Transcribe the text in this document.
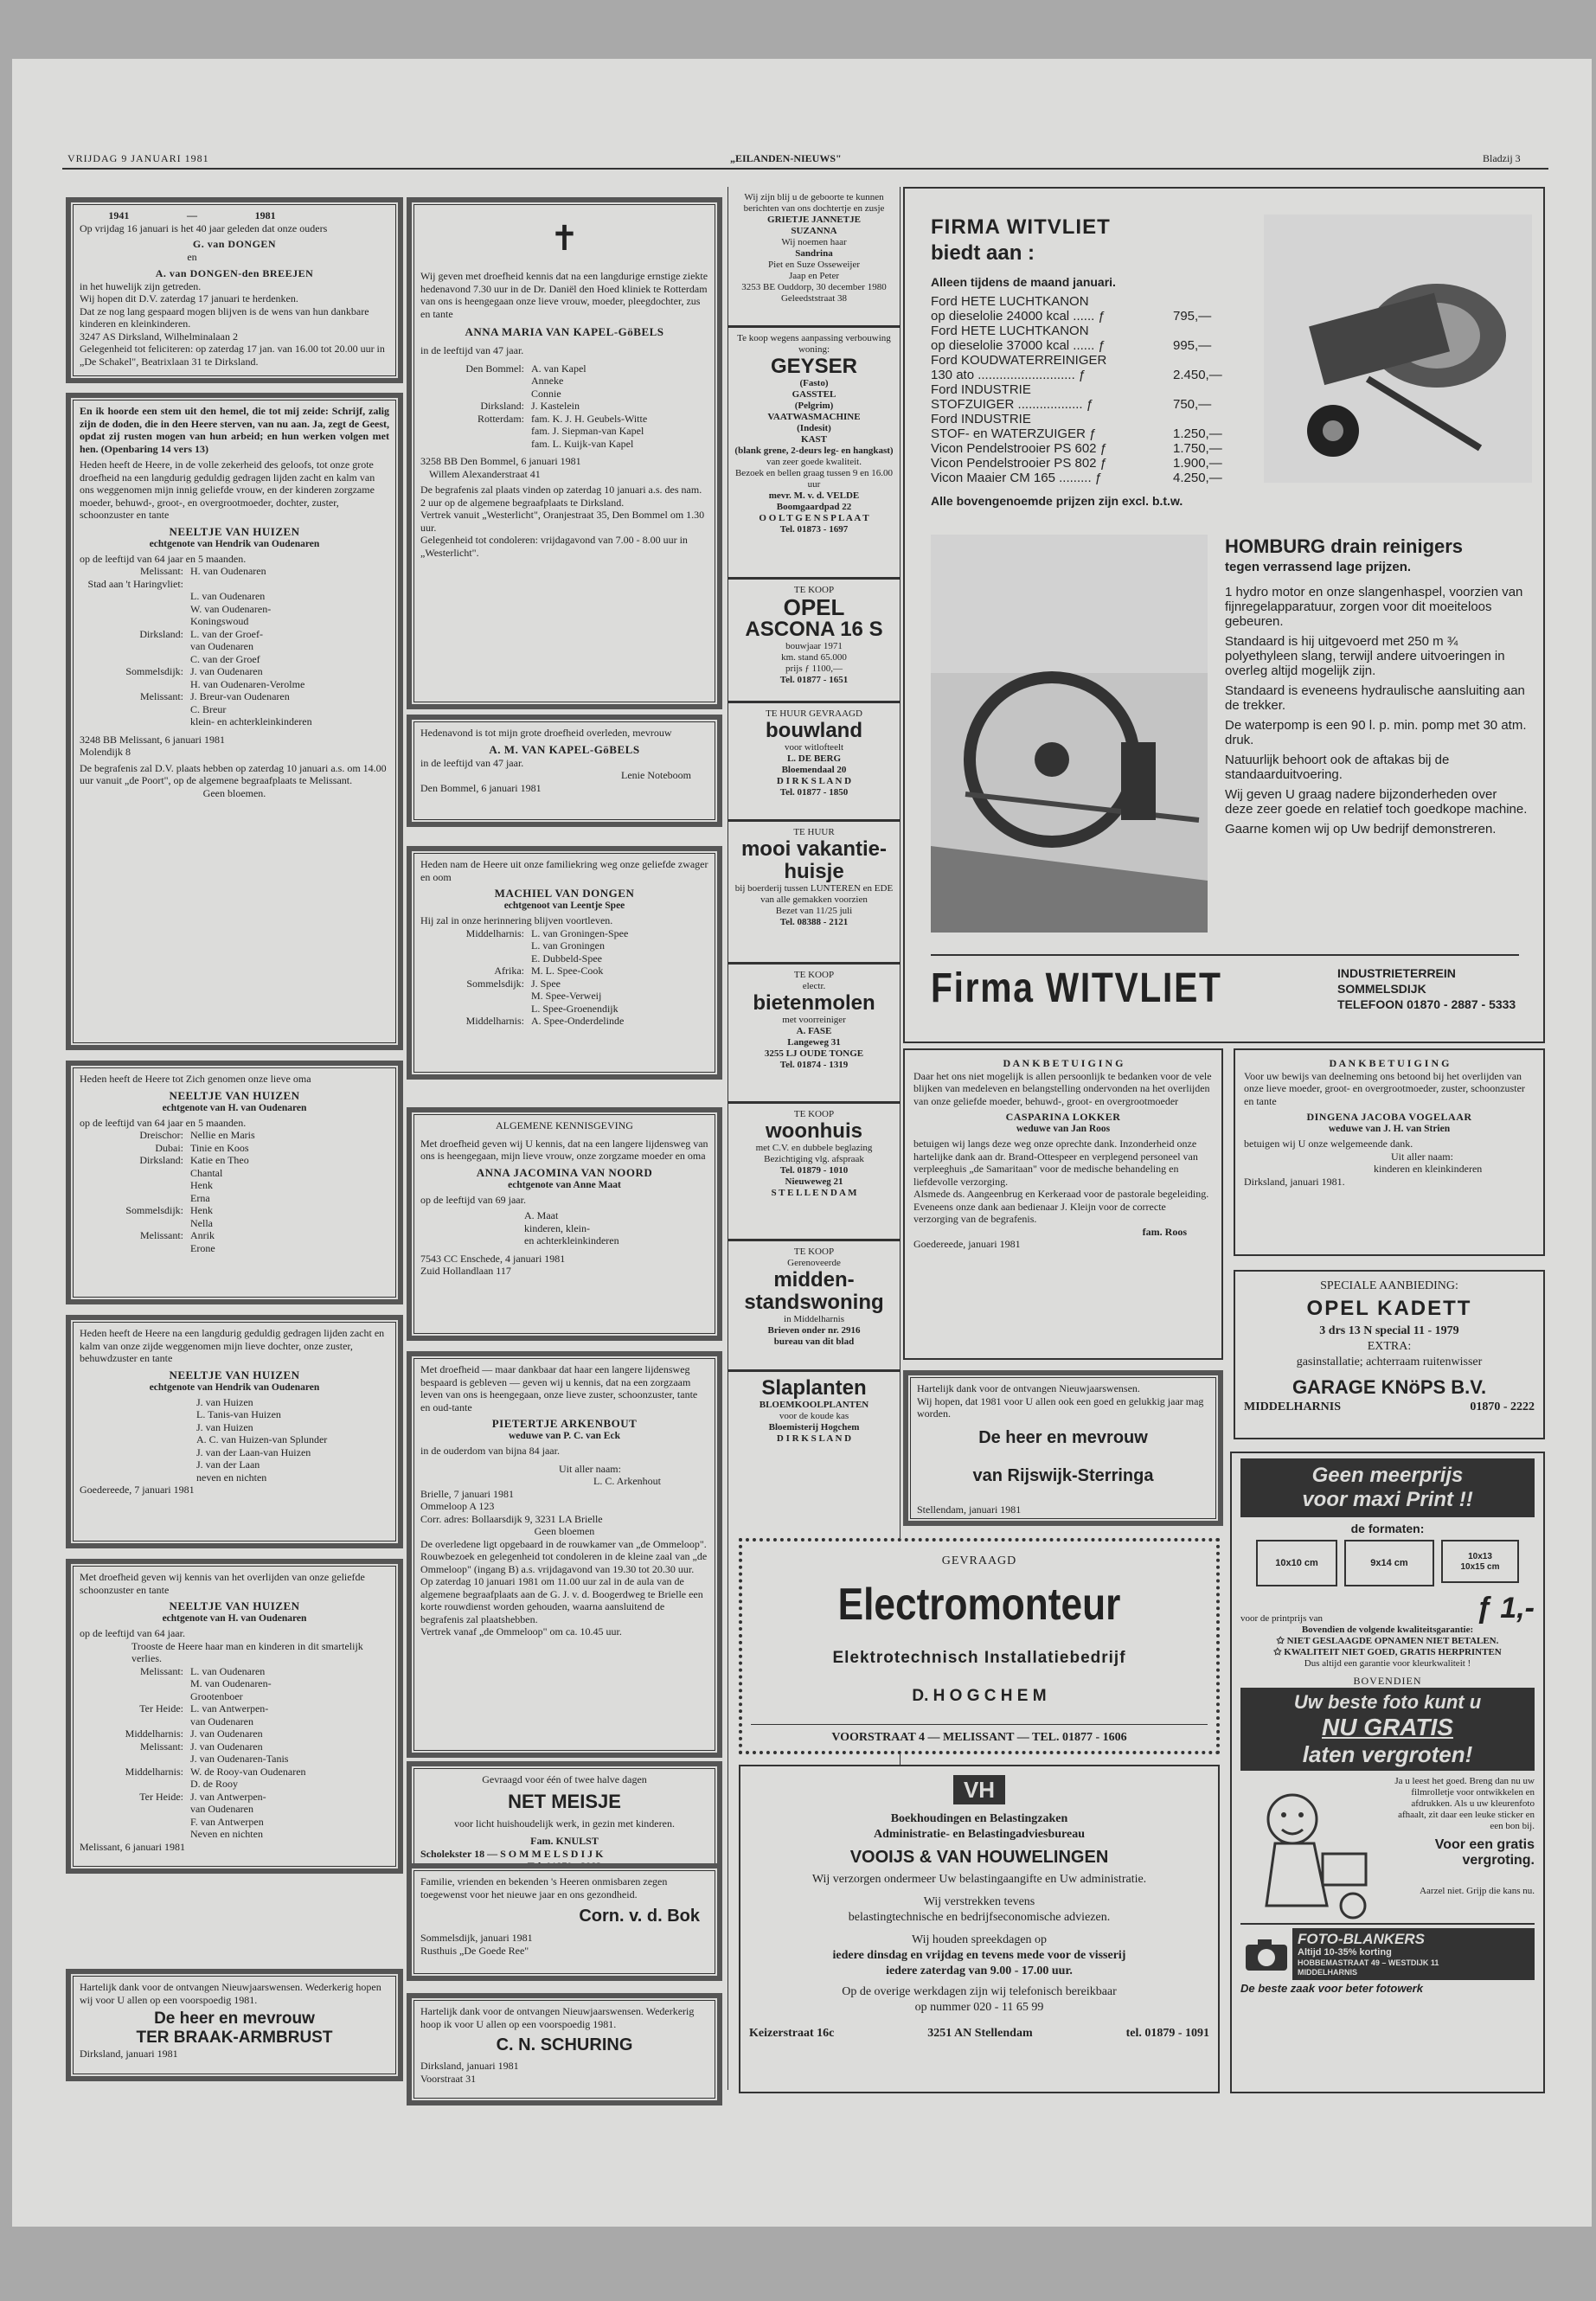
VRIJDAG 9 JANUARI 1981	„EILANDEN-NIEUWS"	Bladzij 3
1941	—	1981

Op vrijdag 16 januari is het 40 jaar geleden dat onze ouders

G. van DONGEN

en

A. van DONGEN-den BREEJEN

in het huwelijk zijn getreden.

Wij hopen dit D.V. zaterdag 17 januari te herdenken.

Dat ze nog lang gespaard mogen blijven is de wens van hun dankbare kinderen en kleinkinderen.

3247 AS Dirksland, Wilhelminalaan 2

Gelegenheid tot feliciteren: op zaterdag 17 jan. van 16.00 tot 20.00 uur in „De Schakel", Beatrixlaan 31 te Dirksland.

En ik hoorde een stem uit den hemel, die tot mij zeide: Schrijf, zalig zijn de doden, die in den Heere sterven, van nu aan. Ja, zegt de Geest, opdat zij rusten mogen van hun arbeid; en hun werken volgen met hen. (Openbaring 14 vers 13)

Heden heeft de Heere, in de volle zekerheid des geloofs, tot onze grote droefheid na een langdurig geduldig gedragen lijden zacht en kalm van ons weggenomen mijn innig geliefde vrouw, en der kinderen zorgzame moeder, behuwd-, groot-, en overgrootmoeder, dochter, zuster, schoonzuster en tante

NEELTJE VAN HUIZEN

echtgenote van Hendrik van Oudenaren

op de leeftijd van 64 jaar en 5 maanden.

Melissant: H. van Oudenaren
Stad aan 't Haringvliet:
L. van Oudenaren
W. van Oudenaren-
Koningswoud
Dirksland: L. van der Groef-
van Oudenaren
C. van der Groef
Sommelsdijk: J. van Oudenaren
H. van Oudenaren-Verolme
Melissant: J. Breur-van Oudenaren
C. Breur
klein- en achterkleinkinderen

3248 BB Melissant, 6 januari 1981

Molendijk 8

De begrafenis zal D.V. plaats hebben op zaterdag 10 januari a.s. om 14.00 uur vanuit „de Poort", op de algemene begraafplaats te Melissant.

Geen bloemen.

Heden heeft de Heere tot Zich genomen onze lieve oma

NEELTJE VAN HUIZEN

echtgenote van H. van Oudenaren

op de leeftijd van 64 jaar en 5 maanden.

Dreischor: Nellie en Maris
Dubai: Tinie en Koos
Dirksland: Katie en Theo
Chantal
Henk
Erna
Sommelsdijk: Henk
Nella
Melissant: Anrik
Erone

Heden heeft de Heere na een langdurig geduldig gedragen lijden zacht en kalm van onze zijde weggenomen mijn lieve dochter, onze zuster, behuwdzuster en tante

NEELTJE VAN HUIZEN

echtgenote van Hendrik van Oudenaren

J. van Huizen
L. Tanis-van Huizen
J. van Huizen
A. C. van Huizen-van Splunder
J. van der Laan-van Huizen
J. van der Laan
neven en nichten

Goedereede, 7 januari 1981

Met droefheid geven wij kennis van het overlijden van onze geliefde schoonzuster en tante

NEELTJE VAN HUIZEN

echtgenote van H. van Oudenaren

op de leeftijd van 64 jaar.

Trooste de Heere haar man en kinderen in dit smartelijk verlies.

Melissant: L. van Oudenaren
M. van Oudenaren-
Grootenboer
Ter Heide: L. van Antwerpen-
van Oudenaren
Middelharnis: J. van Oudenaren
Melissant: J. van Oudenaren
J. van Oudenaren-Tanis
Middelharnis: W. de Rooy-van Oudenaren
D. de Rooy
Ter Heide: J. van Antwerpen-
van Oudenaren
F. van Antwerpen
Neven en nichten

Melissant, 6 januari 1981

Hartelijk dank voor de ontvangen Nieuwjaarswensen. Wederkerig hopen wij voor U allen op een voorspoedig 1981.

De heer en mevrouw

TER BRAAK-ARMBRUST

Dirksland, januari 1981

✝

Wij geven met droefheid kennis dat na een langdurige ernstige ziekte hedenavond 7.30 uur in de Dr. Daniël den Hoed kliniek te Rotterdam van ons is heengegaan onze lieve vrouw, moeder, pleegdochter, zus en tante

ANNA MARIA VAN KAPEL-GöBELS

in de leeftijd van 47 jaar.

Den Bommel: A. van Kapel
Anneke
Connie
Dirksland: J. Kastelein
Rotterdam: fam. K. J. H. Geubels-Witte
fam. J. Siepman-van Kapel
fam. L. Kuijk-van Kapel

3258 BB Den Bommel, 6 januari 1981

Willem Alexanderstraat 41

De begrafenis zal plaats vinden op zaterdag 10 januari a.s. des nam. 2 uur op de algemene begraafplaats te Dirksland.

Vertrek vanuit „Westerlicht", Oranjestraat 35, Den Bommel om 1.30 uur.

Gelegenheid tot condoleren: vrijdagavond van 7.00 - 8.00 uur in „Westerlicht".

Hedenavond is tot mijn grote droefheid overleden, mevrouw

A. M. VAN KAPEL-GöBELS

in de leeftijd van 47 jaar.

Lenie Noteboom

Den Bommel, 6 januari 1981

Heden nam de Heere uit onze familiekring weg onze geliefde zwager en oom

MACHIEL VAN DONGEN

echtgenoot van Leentje Spee

Hij zal in onze herinnering blijven voortleven.

Middelharnis: L. van Groningen-Spee
L. van Groningen
E. Dubbeld-Spee
Afrika: M. L. Spee-Cook
Sommelsdijk: J. Spee
M. Spee-Verweij
L. Spee-Groenendijk
Middelharnis: A. Spee-Onderdelinde

ALGEMENE KENNISGEVING

Met droefheid geven wij U kennis, dat na een langere lijdensweg van ons is heengegaan, mijn lieve vrouw, onze zorgzame moeder en oma

ANNA JACOMINA VAN NOORD

echtgenote van Anne Maat

op de leeftijd van 69 jaar.

A. Maat
kinderen, klein-
en achterkleinkinderen

7543 CC Enschede, 4 januari 1981

Zuid Hollandlaan 117

Met droefheid — maar dankbaar dat haar een langere lijdensweg bespaard is gebleven — geven wij u kennis, dat na een zorgzaam leven van ons is heengegaan, onze lieve zuster, schoonzuster, tante en oud-tante

PIETERTJE ARKENBOUT

weduwe van P. C. van Eck

in de ouderdom van bijna 84 jaar.

Uit aller naam:

L. C. Arkenhout

Brielle, 7 januari 1981

Ommeloop A 123

Corr. adres: Bollaarsdijk 9, 3231 LA Brielle

Geen bloemen

De overledene ligt opgebaard in de rouwkamer van „de Ommeloop".

Rouwbezoek en gelegenheid tot condoleren in de kleine zaal van „de Ommeloop" (ingang B) a.s. vrijdagavond van 19.30 tot 20.30 uur.

Op zaterdag 10 januari 1981 om 11.00 uur zal in de aula van de algemene begraafplaats aan de G. J. v. d. Boogerdweg te Brielle een korte rouwdienst worden gehouden, waarna aansluitend de begrafenis zal plaatshebben.

Vertrek vanaf „de Ommeloop" om ca. 10.45 uur.

Gevraagd voor één of twee halve dagen

NET MEISJE

voor licht huishoudelijk werk, in gezin met kinderen.

Fam. KNULST

Scholekster 18 — S O M M E L S D I J K

Familie, vrienden en bekenden 's Heeren onmisbaren zegen toegewenst voor het nieuwe jaar en ons gezondheid.

Corn. v. d. Bok

Sommelsdijk, januari 1981

Rusthuis „De Goede Ree"

Hartelijk dank voor de ontvangen Nieuwjaarswensen. Wederkerig hoop ik voor U allen op een voorspoedig 1981.

C. N. SCHURING

Dirksland, januari 1981

Voorstraat 31

Wij zijn blij u de geboorte te kunnen berichten van ons dochtertje en zusje
GRIETJE JANNETJE
SUZANNA
Wij noemen haar
Sandrina
Piet en Suze Osseweijer
Jaap en Peter
3253 BE Ouddorp, 30 december 1980
Geleedststraat 38
Te koop wegens aanpassing verbouwing woning:
GEYSER
(Fasto)
GASSTEL
(Pelgrim)
VAATWASMACHINE
(Indesit)
KAST
(blank grene, 2-deurs leg- en hangkast)
van zeer goede kwaliteit.
Bezoek en bellen graag tussen 9 en 16.00 uur
mevr. M. v. d. VELDE
Boomgaardpad 22
O O L T G E N S P L A A T
Tel. 01873 - 1697
TE KOOP
OPEL
ASCONA 16 S
bouwjaar 1971
km. stand 65.000
prijs ƒ 1100,—
Tel. 01877 - 1651
TE HUUR GEVRAAGD
bouwland
voor witlofteelt
L. DE BERG
Bloemendaal 20
D I R K S L A N D
Tel. 01877 - 1850
TE HUUR
mooi vakantie-
huisje
bij boerderij tussen LUNTEREN en EDE van alle gemakken voorzien
Bezet van 11/25 juli
Tel. 08388 - 2121
TE KOOP
electr.
bietenmolen
met voorreiniger
A. FASE
Langeweg 31
3255 LJ OUDE TONGE
Tel. 01874 - 1319
TE KOOP
woonhuis
met C.V. en dubbele beglazing
Bezichtiging vlg. afspraak
Tel. 01879 - 1010
Nieuweweg 21
S T E L L E N D A M
TE KOOP
Gerenoveerde
midden-
standswoning
in Middelharnis
Brieven onder nr. 2916
bureau van dit blad
Slaplanten
BLOEMKOOLPLANTEN
voor de koude kas
Bloemisterij Hogchem
D I R K S L A N D
FIRMA WITVLIET
biedt aan :
Alleen tijdens de maand januari.
Ford HETE LUCHTKANON
op dieselolie 24000 kcal ...... ƒ	795,—
Ford HETE LUCHTKANON
op dieselolie 37000 kcal ...... ƒ	995,—
Ford KOUDWATERREINIGER
130 ato ........................... ƒ	2.450,—
Ford INDUSTRIE
STOFZUIGER .................. ƒ	750,—
Ford INDUSTRIE
STOF- en WATERZUIGER ƒ	1.250,—
Vicon Pendelstrooier PS 602 ƒ	1.750,—
Vicon Pendelstrooier PS 802 ƒ	1.900,—
Vicon Maaier CM 165 ......... ƒ	4.250,—
Alle bovengenoemde prijzen zijn excl. b.t.w.
HOMBURG drain reinigers
tegen verrassend lage prijzen.

1 hydro motor en onze slangenhaspel, voorzien van fijnregelapparatuur, zorgen voor dit moeiteloos gebeuren.

Standaard is hij uitgevoerd met 250 m ¾ polyethyleen slang, terwijl andere uitvoeringen in overleg altijd mogelijk zijn.

Standaard is eveneens hydraulische aansluiting aan de trekker.

De waterpomp is een 90 l. p. min. pomp met 30 atm. druk.

Natuurlijk behoort ook de aftakas bij de standaarduitvoering.

Wij geven U graag nadere bijzonderheden over deze zeer goede en relatief toch goedkope machine.

Gaarne komen wij op Uw bedrijf demonstreren.

Firma WITVLIET	INDUSTRIETERREIN
SOMMELSDIJK
TELEFOON 01870 - 2887 - 5333

D A N K B E T U I G I N G

Daar het ons niet mogelijk is allen persoonlijk te bedanken voor de vele blijken van medeleven en belangstelling ondervonden na het overlijden van onze geliefde moeder, behuwd-, groot- en overgrootmoeder

CASPARINA LOKKER

weduwe van Jan Roos

betuigen wij langs deze weg onze oprechte dank. Inzonderheid onze hartelijke dank aan dr. Brand-Ottespeer en verplegend personeel van verpleeghuis „de Samaritaan" voor de medische behandeling en liefdevolle verzorging.

Alsmede ds. Aangeenbrug en Kerkeraad voor de pastorale begeleiding. Eveneens onze dank aan bedienaar J. Kleijn voor de correcte verzorging van de begrafenis.

fam. Roos

Goedereede, januari 1981

D A N K B E T U I G I N G

Voor uw bewijs van deelneming ons betoond bij het overlijden van onze lieve moeder, groot- en overgrootmoeder, zuster, schoonzuster en tante

DINGENA JACOBA VOGELAAR

weduwe van J. H. van Strien

betuigen wij U onze welgemeende dank.

Uit aller naam:

kinderen en kleinkinderen

Dirksland, januari 1981.

Hartelijk dank voor de ontvangen Nieuwjaarswensen.

Wij hopen, dat 1981 voor U allen ook een goed en gelukkig jaar mag worden.

De heer en mevrouw

van Rijswijk-Sterringa

Stellendam, januari 1981

SPECIALE AANBIEDING:

OPEL KADETT

3 drs 13 N special 11 - 1979

EXTRA:

gasinstallatie; achterraam ruitenwisser

GARAGE KNöPS B.V.

MIDDELHARNIS	01870 - 2222

GEVRAAGD

Electromonteur

Elektrotechnisch Installatiebedrijf

D. H O G C H E M

VOORSTRAAT 4 — MELISSANT — TEL. 01877 - 1606

VH

Boekhoudingen en Belastingzaken

Administratie- en Belastingadviesbureau

VOOIJS & VAN HOUWELINGEN

Wij verzorgen ondermeer Uw belastingaangifte en Uw administratie.

Wij verstrekken tevens

belastingtechnische en bedrijfseconomische adviezen.

Wij houden spreekdagen op

iedere dinsdag en vrijdag en tevens mede voor de visserij

iedere zaterdag van 9.00 - 17.00 uur.

Op de overige werkdagen zijn wij telefonisch bereikbaar

op nummer 020 - 11 65 99

Keizerstraat 16c	3251 AN Stellendam	tel. 01879 - 1091
Geen meerprijs
voor maxi Print !!

de formaten:

10x10 cm	9x14 cm
10x13
10x15 cm
voor de printprijs van	ƒ 1,-

Bovendien de volgende kwaliteitsgarantie:

✩ NIET GESLAAGDE OPNAMEN NIET BETALEN.

✩ KWALITEIT NIET GOED, GRATIS HERPRINTEN

Dus altijd een garantie voor kleurkwaliteit !

BOVENDIEN

Uw beste foto kunt u
NU GRATIS
laten vergroten!

Ja u leest het goed. Breng dan nu uw filmrolletje voor ontwikkelen en afdrukken. Als u uw kleurenfoto afhaalt, zit daar een leuke sticker en een bon bij.

Voor een gratis vergroting.

Aarzel niet. Grijp die kans nu.

FOTO-BLANKERS
Altijd 10-35% korting
HOBBEMASTRAAT 49 – WESTDIJK 11
MIDDELHARNIS

De beste zaak voor beter fotowerk
